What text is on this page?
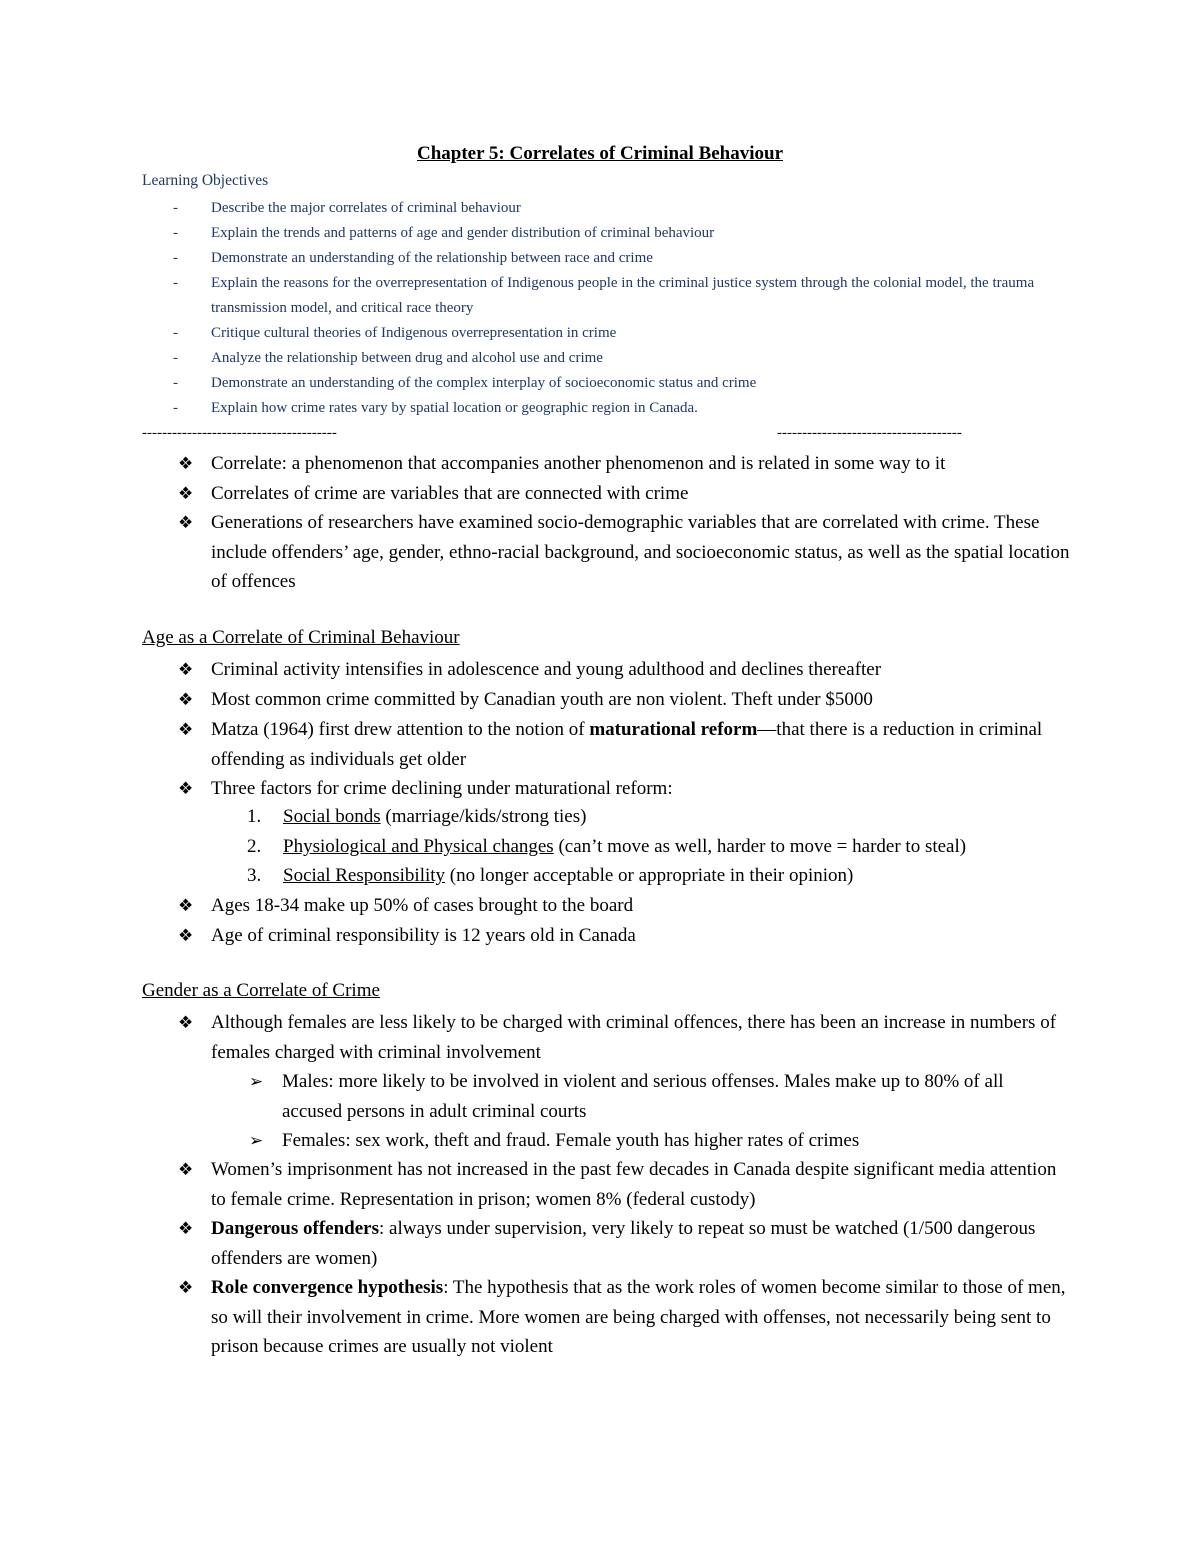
Chapter 5: Correlates of Criminal Behaviour
Learning Objectives
- Describe the major correlates of criminal behaviour
- Explain the trends and patterns of age and gender distribution of criminal behaviour
- Demonstrate an understanding of the relationship between race and crime
- Explain the reasons for the overrepresentation of Indigenous people in the criminal justice system through the colonial model, the trauma transmission model, and critical race theory
- Critique cultural theories of Indigenous overrepresentation in crime
- Analyze the relationship between drug and alcohol use and crime
- Demonstrate an understanding of the complex interplay of socioeconomic status and crime
- Explain how crime rates vary by spatial location or geographic region in Canada.
---------------------------------------	-------------------------------------
❖ Correlate: a phenomenon that accompanies another phenomenon and is related in some way to it
❖ Correlates of crime are variables that are connected with crime
❖ Generations of researchers have examined socio-demographic variables that are correlated with crime. These include offenders’ age, gender, ethno-racial background, and socioeconomic status, as well as the spatial location of offences
Age as a Correlate of Criminal Behaviour
❖ Criminal activity intensifies in adolescence and young adulthood and declines thereafter
❖ Most common crime committed by Canadian youth are non violent. Theft under $5000
❖ Matza (1964) first drew attention to the notion of maturational reform—that there is a reduction in criminal offending as individuals get older
❖ Three factors for crime declining under maturational reform:
1. Social bonds (marriage/kids/strong ties)
2. Physiological and Physical changes (can’t move as well, harder to move = harder to steal)
3. Social Responsibility (no longer acceptable or appropriate in their opinion)
❖ Ages 18-34 make up 50% of cases brought to the board
❖ Age of criminal responsibility is 12 years old in Canada
Gender as a Correlate of Crime
❖ Although females are less likely to be charged with criminal offences, there has been an increase in numbers of females charged with criminal involvement
➢ Males: more likely to be involved in violent and serious offenses. Males make up to 80% of all accused persons in adult criminal courts
➢ Females: sex work, theft and fraud. Female youth has higher rates of crimes
❖ Women’s imprisonment has not increased in the past few decades in Canada despite significant media attention to female crime. Representation in prison; women 8% (federal custody)
❖ Dangerous offenders: always under supervision, very likely to repeat so must be watched (1/500 dangerous offenders are women)
❖ Role convergence hypothesis: The hypothesis that as the work roles of women become similar to those of men, so will their involvement in crime. More women are being charged with offenses, not necessarily being sent to prison because crimes are usually not violent
